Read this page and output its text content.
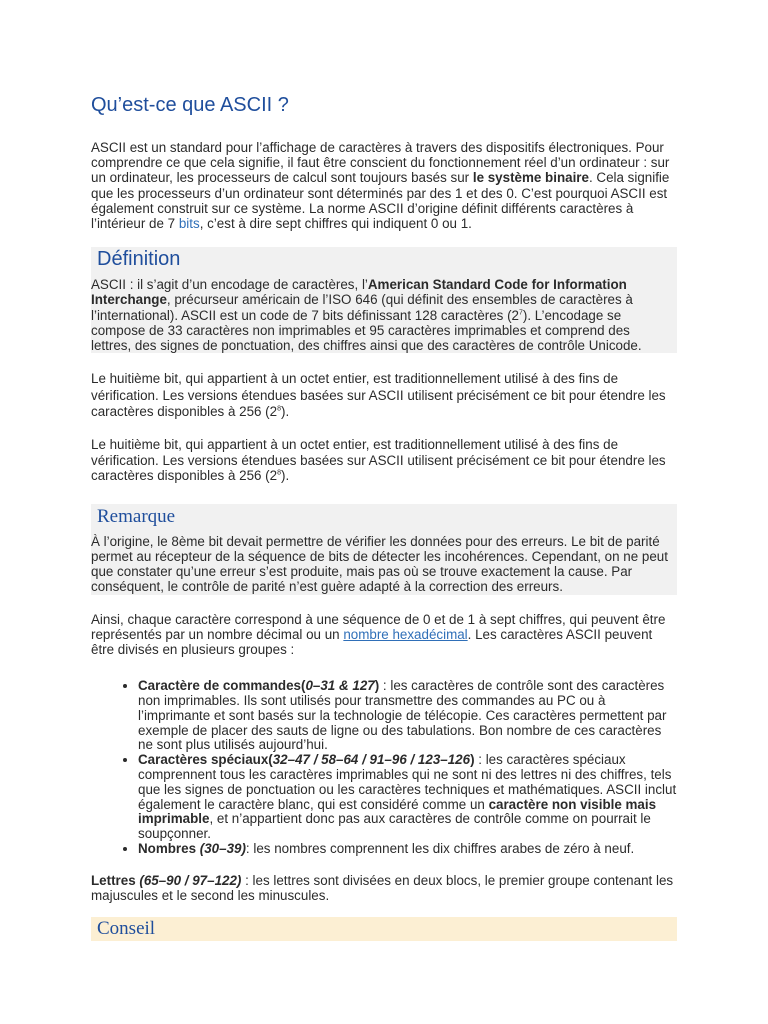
Qu’est-ce que ASCII ?

ASCII est un standard pour l’affichage de caractères à travers des dispositifs électroniques. Pour comprendre ce que cela signifie, il faut être conscient du fonctionnement réel d’un ordinateur : sur un ordinateur, les processeurs de calcul sont toujours basés sur le système binaire. Cela signifie que les processeurs d’un ordinateur sont déterminés par des 1 et des 0. C’est pourquoi ASCII est également construit sur ce système. La norme ASCII d’origine définit différents caractères à l’intérieur de 7 bits, c’est à dire sept chiffres qui indiquent 0 ou 1.

Définition

ASCII : il s’agit d’un encodage de caractères, l’American Standard Code for Information Interchange, précurseur américain de l’ISO 646 (qui définit des ensembles de caractères à l’international). ASCII est un code de 7 bits définissant 128 caractères $(2^7)$. L’encodage se compose de 33 caractères non imprimables et 95 caractères imprimables et comprend des lettres, des signes de ponctuation, des chiffres ainsi que des caractères de contrôle Unicode.

Le huitième bit, qui appartient à un octet entier, est traditionnellement utilisé à des fins de vérification. Les versions étendues basées sur ASCII utilisent précisément ce bit pour étendre les caractères disponibles à 256 $(2^8)$.

Le huitième bit, qui appartient à un octet entier, est traditionnellement utilisé à des fins de vérification. Les versions étendues basées sur ASCII utilisent précisément ce bit pour étendre les caractères disponibles à 256 $(2^8)$.

Remarque

À l’origine, le 8ème bit devait permettre de vérifier les données pour des erreurs. Le bit de parité permet au récepteur de la séquence de bits de détecter les incohérences. Cependant, on ne peut que constater qu’une erreur s’est produite, mais pas où se trouve exactement la cause. Par conséquent, le contrôle de parité n’est guère adapté à la correction des erreurs.

Ainsi, chaque caractère correspond à une séquence de 0 et de 1 à sept chiffres, qui peuvent être représentés par un nombre décimal ou un nombre hexadécimal. Les caractères ASCII peuvent être divisés en plusieurs groupes :

• Caractère de commandes(0–31 & 127) : les caractères de contrôle sont des caractères non imprimables. Ils sont utilisés pour transmettre des commandes au PC ou à l’imprimante et sont basés sur la technologie de télécopie. Ces caractères permettent par exemple de placer des sauts de ligne ou des tabulations. Bon nombre de ces caractères ne sont plus utilisés aujourd’hui.
• Caractères spéciaux(32–47 / 58–64 / 91–96 / 123–126) : les caractères spéciaux comprennent tous les caractères imprimables qui ne sont ni des lettres ni des chiffres, tels que les signes de ponctuation ou les caractères techniques et mathématiques. ASCII inclut également le caractère blanc, qui est considéré comme un caractère non visible mais imprimable, et n’appartient donc pas aux caractères de contrôle comme on pourrait le soupçonner.
• Nombres (30–39): les nombres comprennent les dix chiffres arabes de zéro à neuf.

Lettres (65–90 / 97–122) : les lettres sont divisées en deux blocs, le premier groupe contenant les majuscules et le second les minuscules.

Conseil
